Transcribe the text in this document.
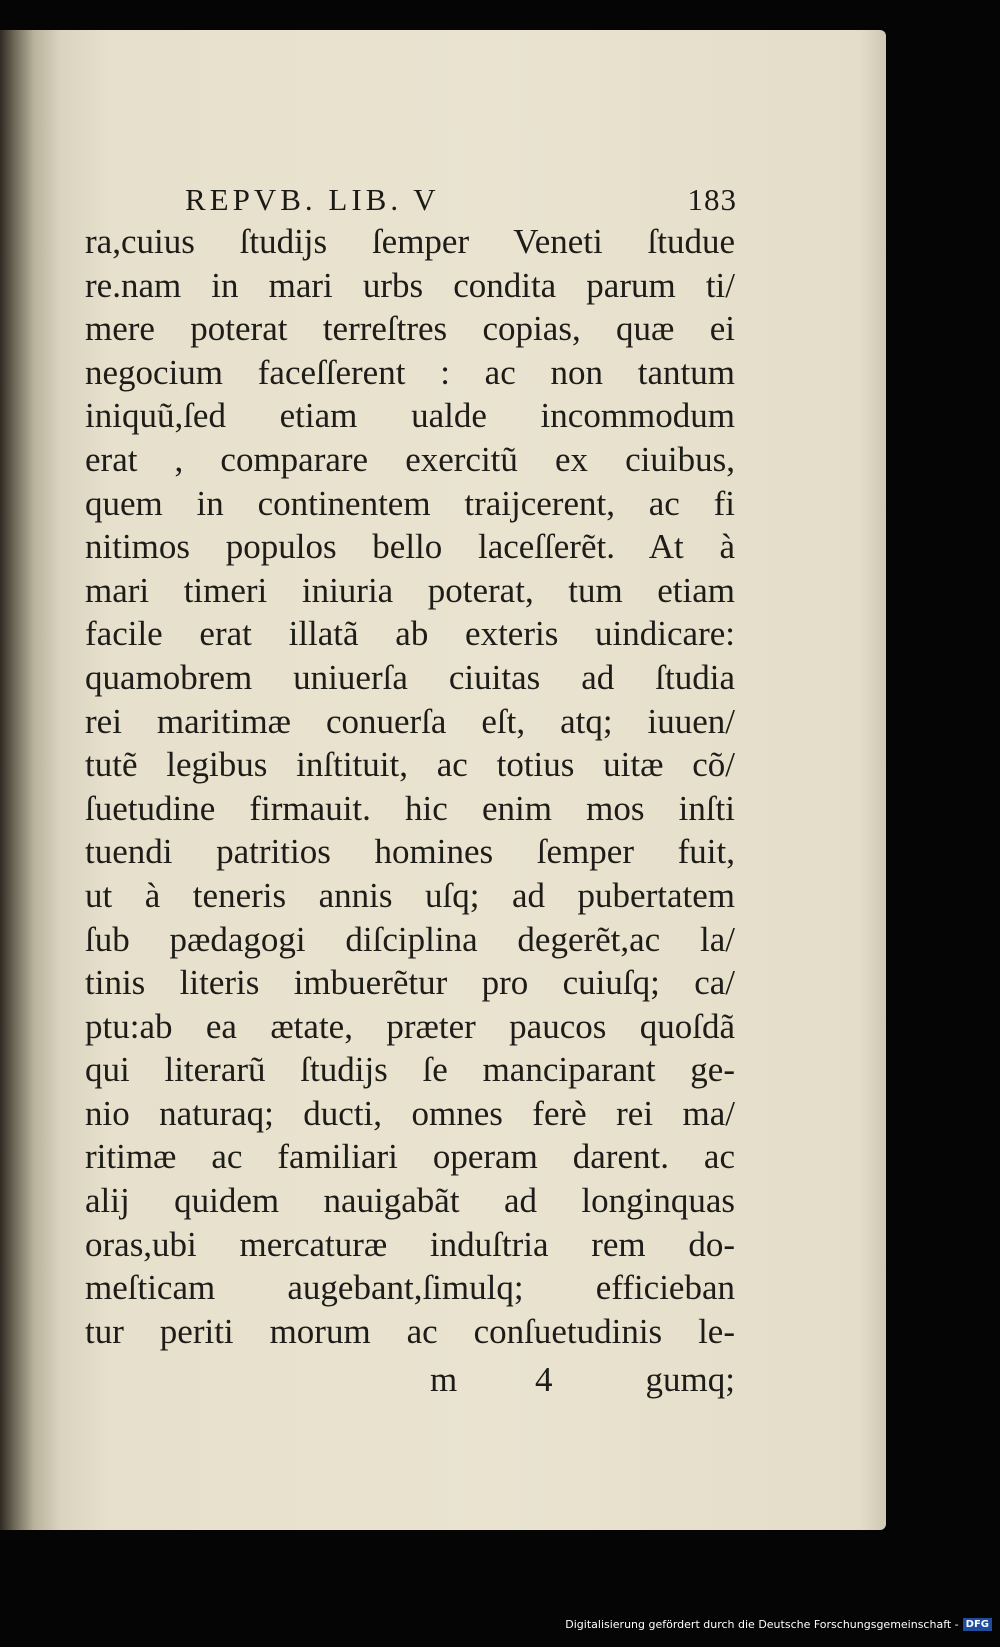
REPVB. LIB. V	183
ra,cuius ſtudijs ſemper Veneti ſtudue
re.nam in mari urbs condita parum ti/
mere poterat terreſtres copias, quæ ei
negocium faceſſerent : ac non tantum
iniquũ,ſed etiam ualde incommodum
erat , comparare exercitũ ex ciuibus,
quem in continentem traijcerent, ac fi
nitimos populos bello laceſſerẽt. At à
mari timeri iniuria poterat, tum etiam
facile erat illatã ab exteris uindicare:
quamobrem uniuerſa ciuitas ad ſtudia
rei maritimæ conuerſa eſt, atq; iuuen/
tutẽ legibus inſtituit, ac totius uitæ cõ/
ſuetudine firmauit. hic enim mos inſti
tuendi patritios homines ſemper fuit,
ut à teneris annis uſq; ad pubertatem
ſub pædagogi diſciplina degerẽt,ac la/
tinis literis imbuerẽtur pro cuiuſq; ca/
ptu:ab ea ætate, præter paucos quoſdã
qui literarũ ſtudijs ſe manciparant ge-
nio naturaq; ducti, omnes ferè rei ma/
ritimæ ac familiari operam darent. ac
alij quidem nauigabãt ad longinquas
oras,ubi mercaturæ induſtria rem do-
meſticam augebant,ſimulq; efficieban
tur periti morum ac conſuetudinis le-
m 4	gumq;
Digitalisierung gefördert durch die Deutsche Forschungsgemeinschaft - DFG
